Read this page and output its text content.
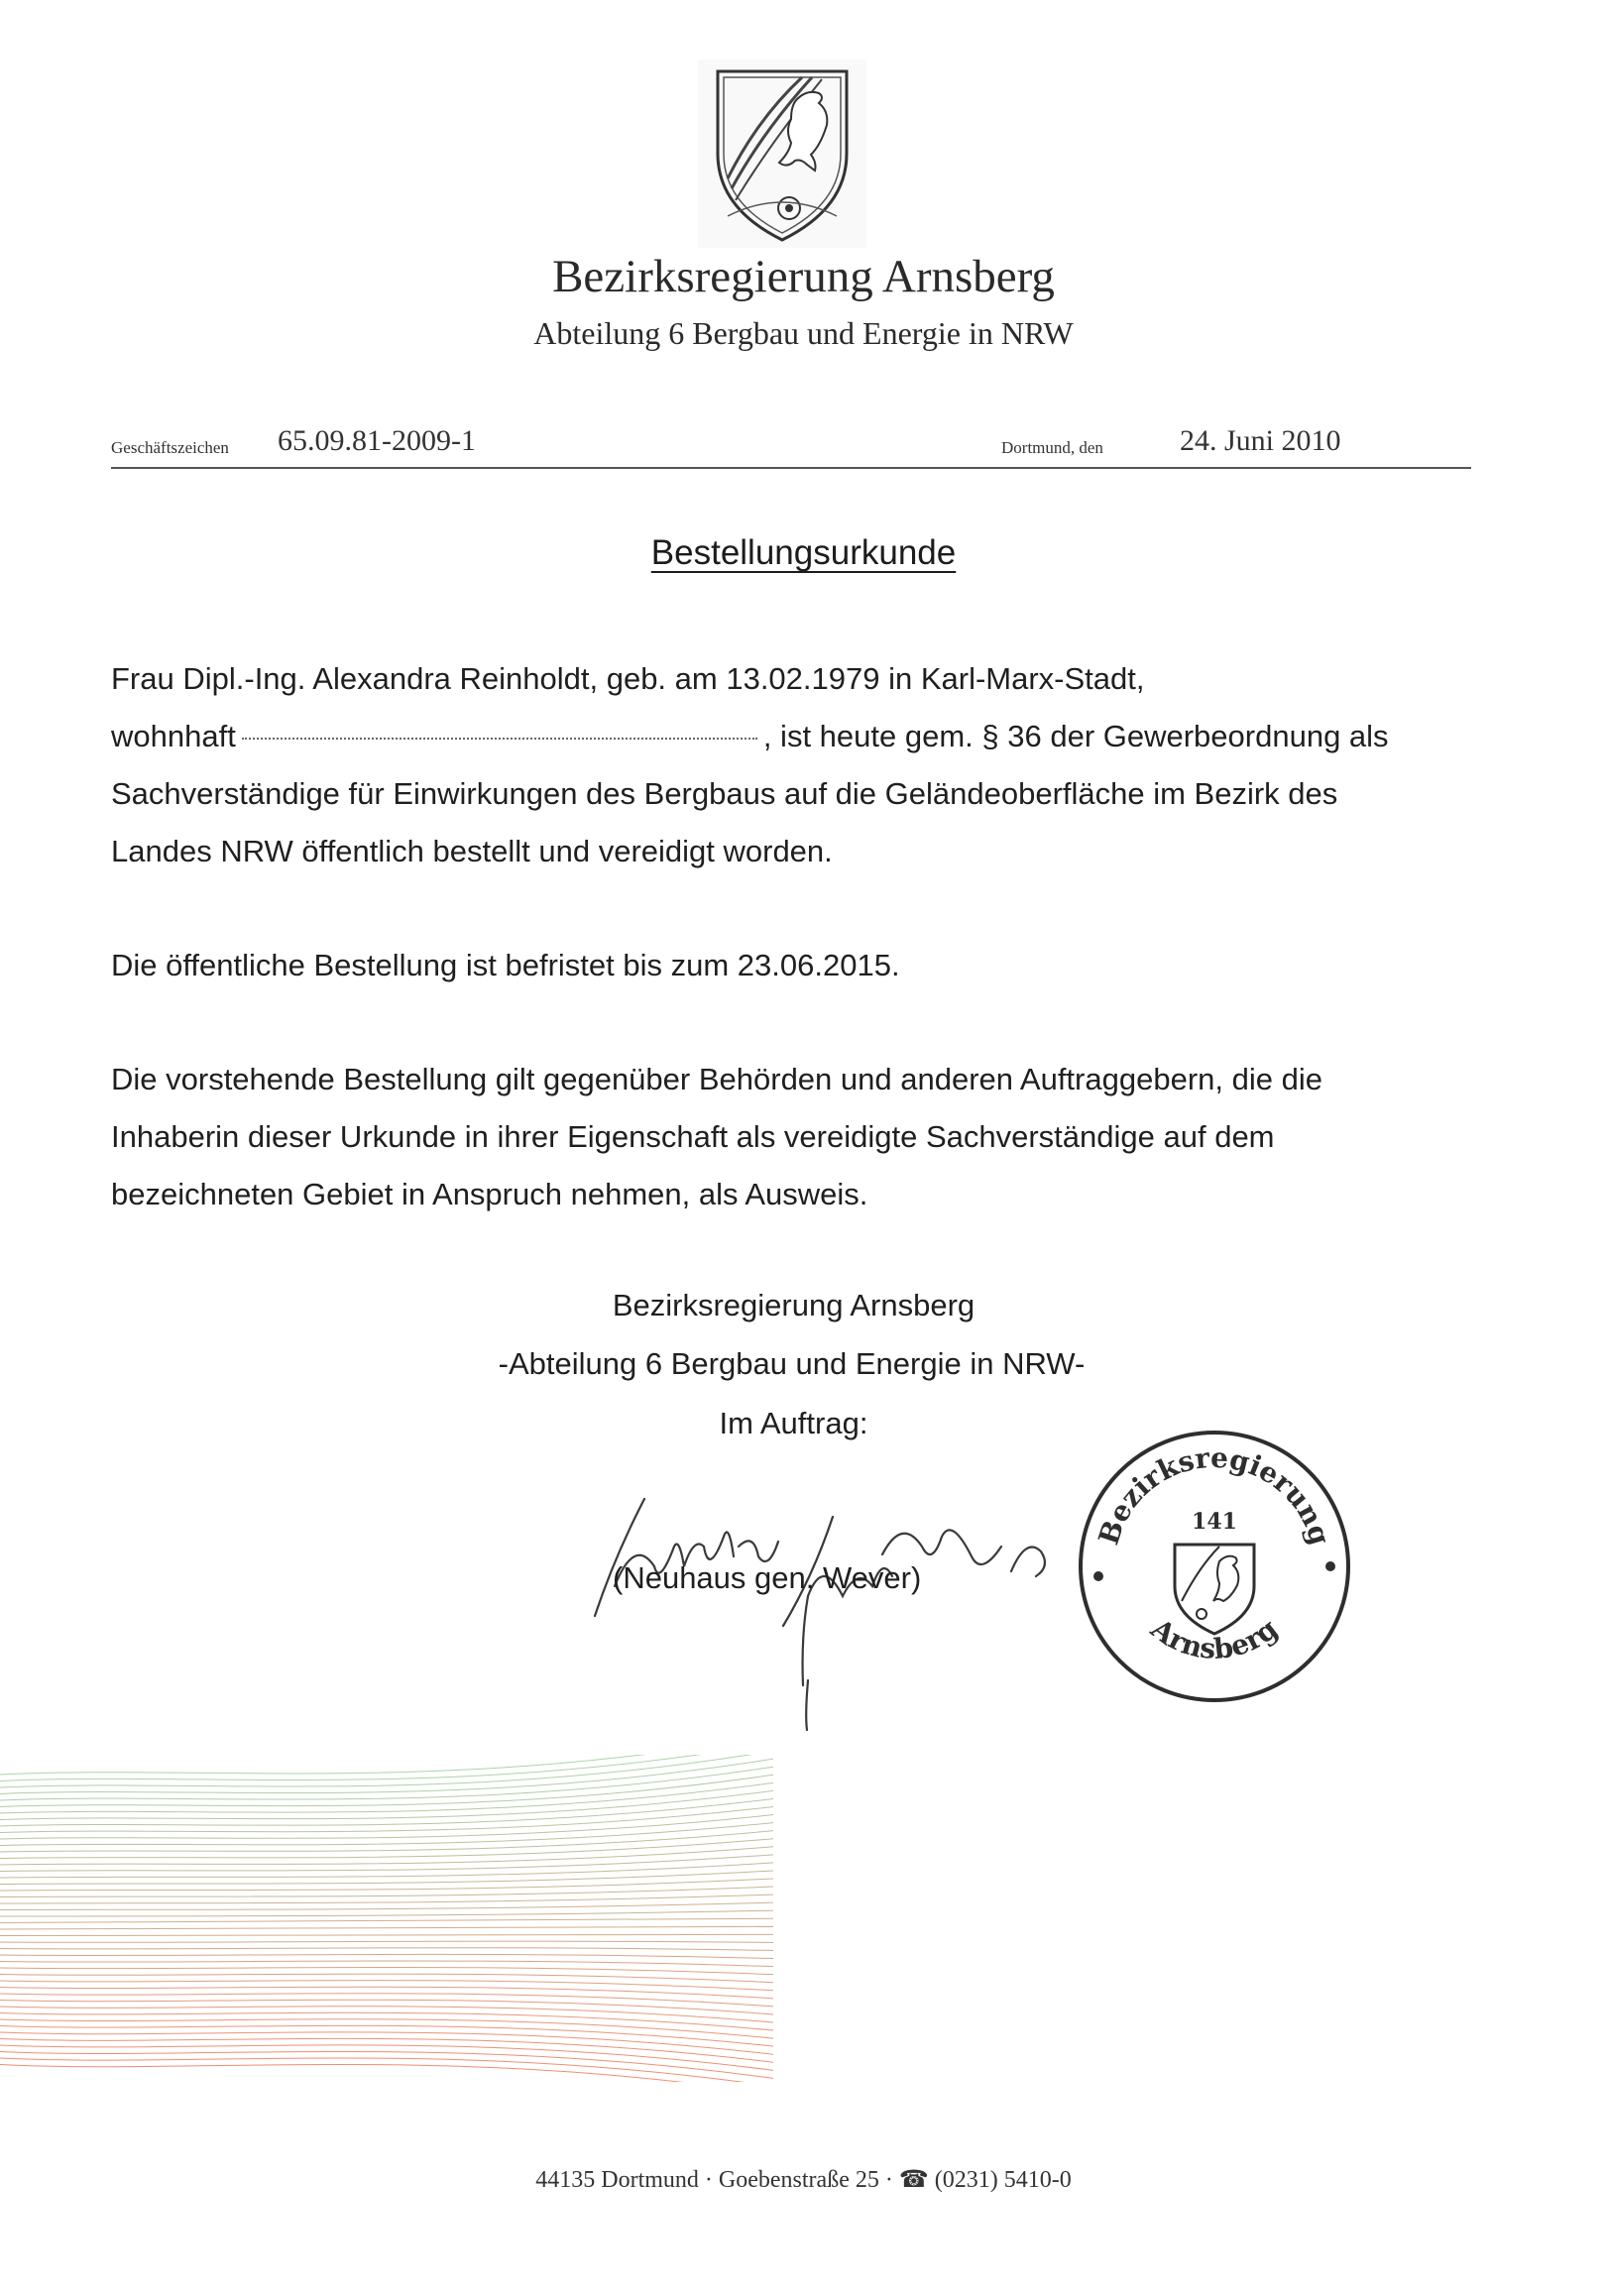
Bezirksregierung Arnsberg
Abteilung 6 Bergbau und Energie in NRW
Geschäftszeichen 65.09.81-2009-1	Dortmund, den	24. Juni 2010
Bestellungsurkunde
Frau Dipl.-Ing. Alexandra Reinholdt, geb. am 13.02.1979 in Karl-Marx-Stadt,
wohnhaft	, ist heute gem. § 36 der Gewerbeordnung als
Sachverständige für Einwirkungen des Bergbaus auf die Geländeoberfläche im Bezirk des
Landes NRW öffentlich bestellt und vereidigt worden.
Die öffentliche Bestellung ist befristet bis zum 23.06.2015.
Die vorstehende Bestellung gilt gegenüber Behörden und anderen Auftraggebern, die die
Inhaberin dieser Urkunde in ihrer Eigenschaft als vereidigte Sachverständige auf dem
bezeichneten Gebiet in Anspruch nehmen, als Ausweis.
Bezirksregierung Arnsberg
-Abteilung 6 Bergbau und Energie in NRW-
Im Auftrag:
(Neuhaus gen. Wever)
Bezirksregierung
Arnsberg
141
44135 Dortmund · Goebenstraße 25 · ☎ (0231) 5410-0
